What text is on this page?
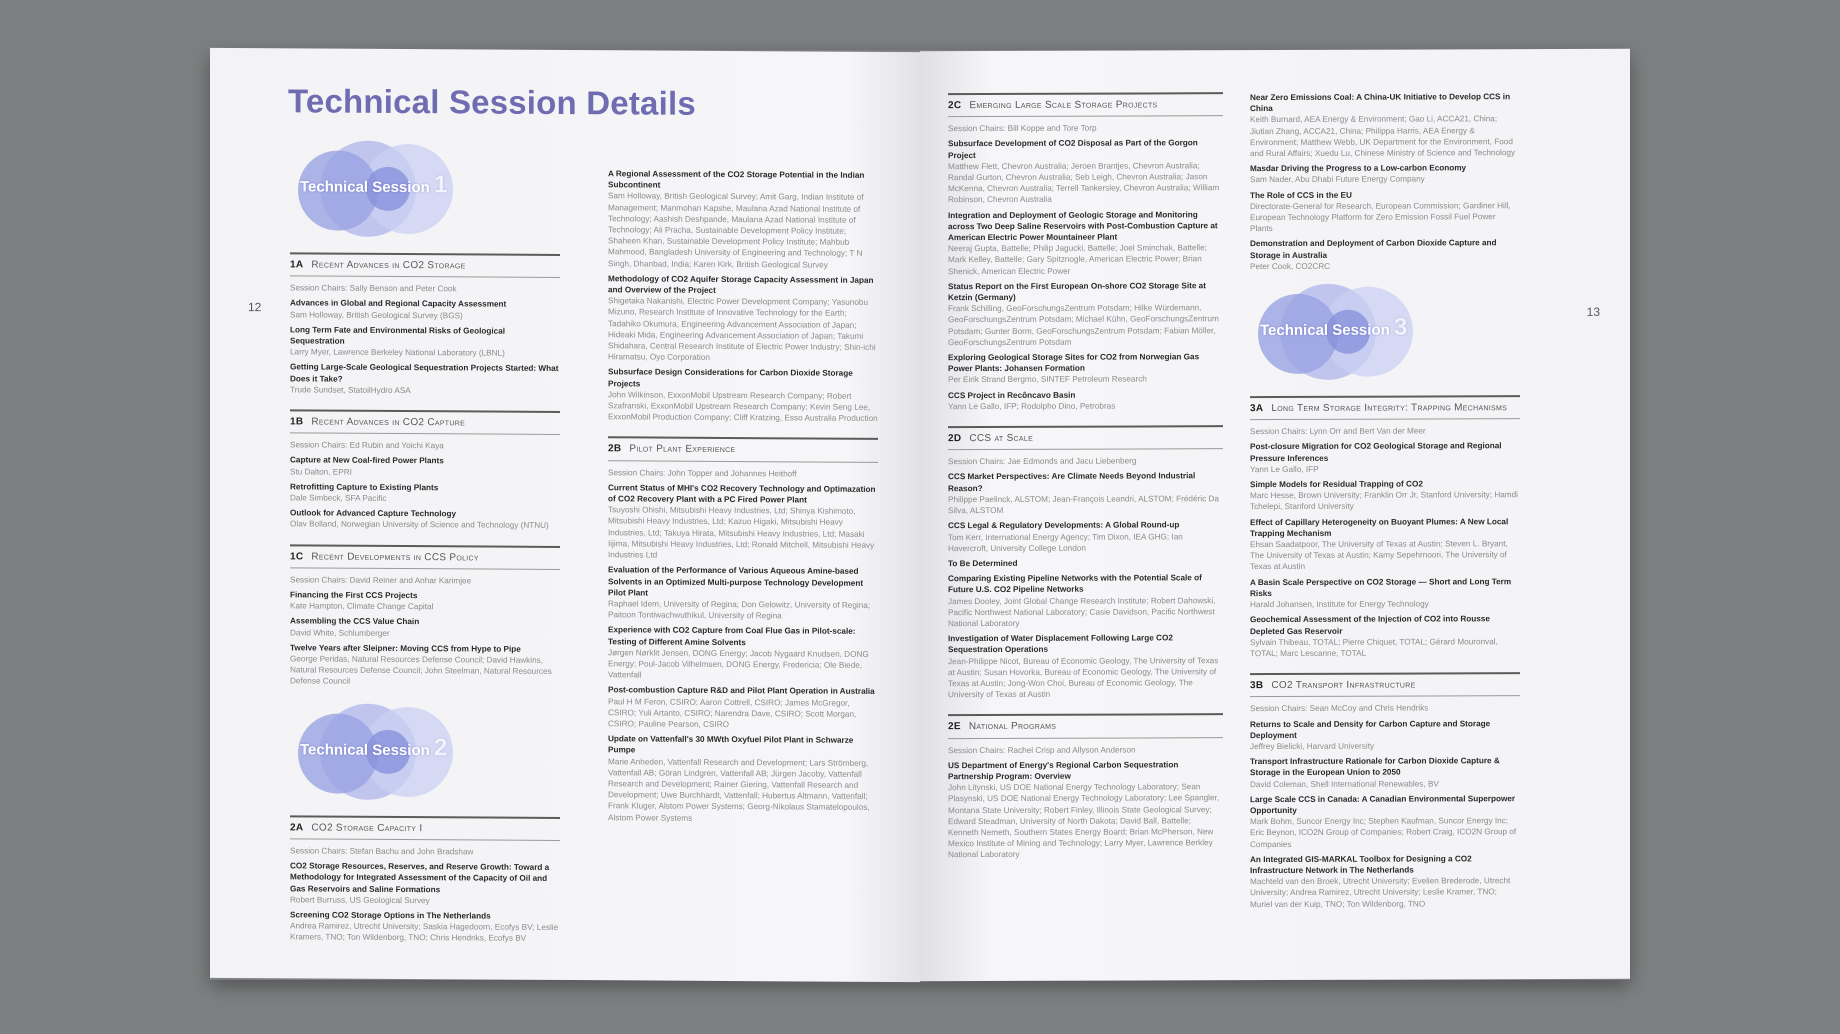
Technical Session Details
12
Technical Session 1
1A Recent Advances in CO2 Storage
Session Chairs: Sally Benson and Peter Cook
Advances in Global and Regional Capacity Assessment
Sam Holloway, British Geological Survey (BGS)
Long Term Fate and Environmental Risks of Geological Sequestration
Larry Myer, Lawrence Berkeley National Laboratory (LBNL)
Getting Large-Scale Geological Sequestration Projects Started: What Does it Take?
Trude Sundset, StatoilHydro ASA
1B Recent Advances in CO2 Capture
Session Chairs: Ed Rubin and Yoichi Kaya
Capture at New Coal-fired Power Plants
Stu Dalton, EPRI
Retrofitting Capture to Existing Plants
Dale Simbeck, SFA Pacific
Outlook for Advanced Capture Technology
Olav Bolland, Norwegian University of Science and Technology (NTNU)
1C Recent Developments in CCS Policy
Session Chairs: David Reiner and Anhar Karimjee
Financing the First CCS Projects
Kate Hampton, Climate Change Capital
Assembling the CCS Value Chain
David White, Schlumberger
Twelve Years after Sleipner: Moving CCS from Hype to Pipe
George Peridas, Natural Resources Defense Council; David Hawkins, Natural Resources Defense Council; John Steelman, Natural Resources Defense Council
Technical Session 2
2A CO2 Storage Capacity I
Session Chairs: Stefan Bachu and John Bradshaw
CO2 Storage Resources, Reserves, and Reserve Growth: Toward a Methodology for Integrated Assessment of the Capacity of Oil and Gas Reservoirs and Saline Formations
Robert Burruss, US Geological Survey
Screening CO2 Storage Options in The Netherlands
Andrea Ramirez, Utrecht University; Saskia Hagedoorn, Ecofys BV; Leslie Kramers, TNO; Ton Wildenborg, TNO; Chris Hendriks, Ecofys BV
A Regional Assessment of the CO2 Storage Potential in the Indian Subcontinent
Sam Holloway, British Geological Survey; Amit Garg, Indian Institute of Management; Manmohan Kapshe, Maulana Azad National Institute of Technology; Aashish Deshpande, Maulana Azad National Institute of Technology; Ali Pracha, Sustainable Development Policy Institute; Shaheen Khan, Sustainable Development Policy Institute; Mahbub Mahmood, Bangladesh University of Engineering and Technology; T N Singh, Dhanbad, India; Karen Kirk, British Geological Survey
Methodology of CO2 Aquifer Storage Capacity Assessment in Japan and Overview of the Project
Shigetaka Nakanishi, Electric Power Development Company; Yasunobu Mizuno, Research Institute of Innovative Technology for the Earth; Tadahiko Okumura, Engineering Advancement Association of Japan; Hideaki Mida, Engineering Advancement Association of Japan; Takumi Shidahara, Central Research Institute of Electric Power Industry; Shin-ichi Hiramatsu, Oyo Corporation
Subsurface Design Considerations for Carbon Dioxide Storage Projects
John Wilkinson, ExxonMobil Upstream Research Company; Robert Szafranski, ExxonMobil Upstream Research Company; Kevin Seng Lee, ExxonMobil Production Company; Cliff Kratzing, Esso Australia Production
2B Pilot Plant Experience
Session Chairs: John Topper and Johannes Heithoff
Current Status of MHI's CO2 Recovery Technology and Optimazation of CO2 Recovery Plant with a PC Fired Power Plant
Tsuyoshi Ohishi, Mitsubishi Heavy Industries, Ltd; Shinya Kishimoto, Mitsubishi Heavy Industries, Ltd; Kazuo Higaki, Mitsubishi Heavy Industries, Ltd; Takuya Hirata, Mitsubishi Heavy Industries, Ltd; Masaki Iijima, Mitsubishi Heavy Industries, Ltd; Ronald Mitchell, Mitsubishi Heavy Industries Ltd
Evaluation of the Performance of Various Aqueous Amine-based Solvents in an Optimized Multi-purpose Technology Development Pilot Plant
Raphael Idem, University of Regina; Don Gelowitz, University of Regina; Paitoon Tontiwachwuthikul, University of Regina
Experience with CO2 Capture from Coal Flue Gas in Pilot-scale: Testing of Different Amine Solvents
Jørgen Nørklit Jensen, DONG Energy; Jacob Nygaard Knudsen, DONG Energy; Poul-Jacob Vilhelmsen, DONG Energy, Fredericia; Ole Biede, Vattenfall
Post-combustion Capture R&D and Pilot Plant Operation in Australia
Paul H M Feron, CSIRO; Aaron Cottrell, CSIRO; James McGregor, CSIRO; Yuli Artanto, CSIRO; Narendra Dave, CSIRO; Scott Morgan, CSIRO; Pauline Pearson, CSIRO
Update on Vattenfall's 30 MWth Oxyfuel Pilot Plant in Schwarze Pumpe
Marie Anheden, Vattenfall Research and Development; Lars Strömberg, Vattenfall AB; Göran Lindgren, Vattenfall AB; Jürgen Jacoby, Vattenfall Research and Development; Rainer Giering, Vattenfall Research and Development; Uwe Burchhardt, Vattenfall; Hubertus Altmann, Vattenfall; Frank Kluger, Alstom Power Systems; Georg-Nikolaus Stamatelopoulos, Alstom Power Systems
13
2C Emerging Large Scale Storage Projects
Session Chairs: Bill Koppe and Tore Torp
Subsurface Development of CO2 Disposal as Part of the Gorgon Project
Matthew Flett, Chevron Australia; Jeroen Brantjes, Chevron Australia; Randal Gurton, Chevron Australia; Seb Leigh, Chevron Australia; Jason McKenna, Chevron Australia; Terrell Tankersley, Chevron Australia; William Robinson, Chevron Australia
Integration and Deployment of Geologic Storage and Monitoring across Two Deep Saline Reservoirs with Post-Combustion Capture at American Electric Power Mountaineer Plant
Neeraj Gupta, Battelle; Philip Jagucki, Battelle; Joel Sminchak, Battelle; Mark Kelley, Battelle; Gary Spitznogle, American Electric Power; Brian Shenick, American Electric Power
Status Report on the First European On-shore CO2 Storage Site at Ketzin (Germany)
Frank Schilling, GeoForschungsZentrum Potsdam; Hilke Würdemann, GeoForschungsZentrum Potsdam; Michael Kühn, GeoForschungsZentrum Potsdam; Gunter Borm, GeoForschungsZentrum Potsdam; Fabian Möller, GeoForschungsZentrum Potsdam
Exploring Geological Storage Sites for CO2 from Norwegian Gas Power Plants: Johansen Formation
Per Eirik Strand Bergmo, SINTEF Petroleum Research
CCS Project in Recôncavo Basin
Yann Le Gallo, IFP; Rodolpho Dino, Petrobras
2D CCS at Scale
Session Chairs: Jae Edmonds and Jacu Liebenberg
CCS Market Perspectives: Are Climate Needs Beyond Industrial Reason?
Philippe Paelinck, ALSTOM; Jean-François Leandri, ALSTOM; Frédéric Da Silva, ALSTOM
CCS Legal & Regulatory Developments: A Global Round-up
Tom Kerr, International Energy Agency; Tim Dixon, IEA GHG; Ian Havercroft, University College London
To Be Determined
Comparing Existing Pipeline Networks with the Potential Scale of Future U.S. CO2 Pipeline Networks
James Dooley, Joint Global Change Research Institute; Robert Dahowski, Pacific Northwest National Laboratory; Casie Davidson, Pacific Northwest National Laboratory
Investigation of Water Displacement Following Large CO2 Sequestration Operations
Jean-Philippe Nicot, Bureau of Economic Geology, The University of Texas at Austin; Susan Hovorka, Bureau of Economic Geology, The University of Texas at Austin; Jong-Won Choi, Bureau of Economic Geology, The University of Texas at Austin
2E National Programs
Session Chairs: Rachel Crisp and Allyson Anderson
US Department of Energy's Regional Carbon Sequestration Partnership Program: Overview
John Litynski, US DOE National Energy Technology Laboratory; Sean Plasynski, US DOE National Energy Technology Laboratory; Lee Spangler, Montana State University; Robert Finley, Illinois State Geological Survey; Edward Steadman, University of North Dakota; David Ball, Battelle; Kenneth Nemeth, Southern States Energy Board; Brian McPherson, New Mexico Institute of Mining and Technology; Larry Myer, Lawrence Berkley National Laboratory
Near Zero Emissions Coal: A China-UK Initiative to Develop CCS in China
Keith Burnard, AEA Energy & Environment; Gao Li, ACCA21, China; Jiutian Zhang, ACCA21, China; Philippa Harris, AEA Energy & Environment; Matthew Webb, UK Department for the Environment, Food and Rural Affairs; Xuedu Lu, Chinese Ministry of Science and Technology
Masdar Driving the Progress to a Low-carbon Economy
Sam Nader, Abu Dhabi Future Energy Company
The Role of CCS in the EU
Directorate-General for Research, European Commission; Gardiner Hill, European Technology Platform for Zero Emission Fossil Fuel Power Plants
Demonstration and Deployment of Carbon Dioxide Capture and Storage in Australia
Peter Cook, CO2CRC
Technical Session 3
3A Long Term Storage Integrity: Trapping Mechanisms
Session Chairs: Lynn Orr and Bert Van der Meer
Post-closure Migration for CO2 Geological Storage and Regional Pressure Inferences
Yann Le Gallo, IFP
Simple Models for Residual Trapping of CO2
Marc Hesse, Brown University; Franklin Orr Jr, Stanford University; Hamdi Tchelepi, Stanford University
Effect of Capillary Heterogeneity on Buoyant Plumes: A New Local Trapping Mechanism
Ehsan Saadatpoor, The University of Texas at Austin; Steven L. Bryant, The University of Texas at Austin; Kamy Sepehrnoori, The University of Texas at Austin
A Basin Scale Perspective on CO2 Storage — Short and Long Term Risks
Harald Johansen, Institute for Energy Technology
Geochemical Assessment of the Injection of CO2 into Rousse Depleted Gas Reservoir
Sylvain Thibeau, TOTAL; Pierre Chiquet, TOTAL; Gérard Mouronval, TOTAL; Marc Lescanne, TOTAL
3B CO2 Transport Infrastructure
Session Chairs: Sean McCoy and Chris Hendriks
Returns to Scale and Density for Carbon Capture and Storage Deployment
Jeffrey Bielicki, Harvard University
Transport Infrastructure Rationale for Carbon Dioxide Capture & Storage in the European Union to 2050
David Coleman, Shell International Renewables, BV
Large Scale CCS in Canada: A Canadian Environmental Superpower Opportunity
Mark Bohm, Suncor Energy Inc; Stephen Kaufman, Suncor Energy Inc; Eric Beynon, ICO2N Group of Companies; Robert Craig, ICO2N Group of Companies
An Integrated GIS-MARKAL Toolbox for Designing a CO2 Infrastructure Network in The Netherlands
Machteld van den Broek, Utrecht University; Evelien Brederode, Utrecht University; Andrea Ramirez, Utrecht University; Leslie Kramer, TNO; Muriel van der Kuip, TNO; Ton Wildenborg, TNO
